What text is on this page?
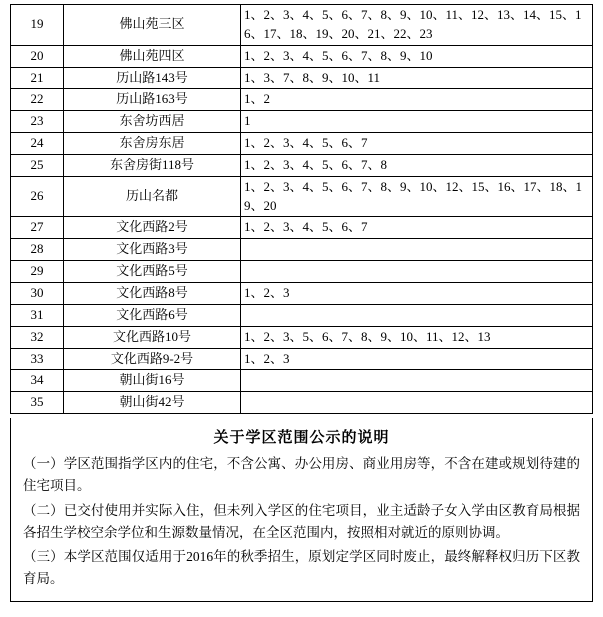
19	佛山苑三区	1、2、3、4、5、6、7、8、9、10、11、12、13、14、15、16、17、18、19、20、21、22、23
20	佛山苑四区	1、2、3、4、5、6、7、8、9、10
21	历山路143号	1、3、7、8、9、10、11
22	历山路163号	1、2
23	东舍坊西居	1
24	东舍房东居	1、2、3、4、5、6、7
25	东舍房街118号	1、2、3、4、5、6、7、8
26	历山名都	1、2、3、4、5、6、7、8、9、10、12、15、16、17、18、19、20
27	文化西路2号	1、2、3、4、5、6、7
28	文化西路3号	
29	文化西路5号	
30	文化西路8号	1、2、3
31	文化西路6号	
32	文化西路10号	1、2、3、5、6、7、8、9、10、11、12、13
33	文化西路9-2号	1、2、3
34	朝山街16号	
35	朝山街42号	
关于学区范围公示的说明

（一）学区范围指学区内的住宅，不含公寓、办公用房、商业用房等，不含在建或规划待建的住宅项目。

（二）已交付使用并实际入住，但未列入学区的住宅项目，业主适龄子女入学由区教育局根据各招生学校空余学位和生源数量情况，在全区范围内，按照相对就近的原则协调。

（三）本学区范围仅适用于2016年的秋季招生，原划定学区同时废止，最终解释权归历下区教育局。
